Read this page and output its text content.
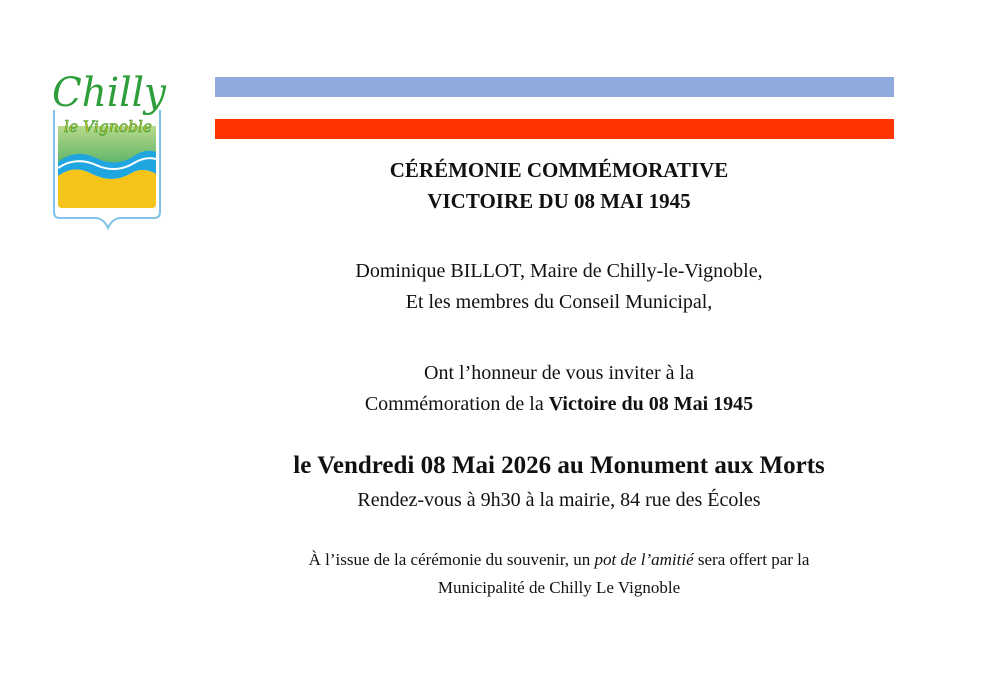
Chilly
le Vignoble
CÉRÉMONIE COMMÉMORATIVE
VICTOIRE DU 08 MAI 1945
Dominique BILLOT, Maire de Chilly-le-Vignoble,
Et les membres du Conseil Municipal,
Ont l’honneur de vous inviter à la
Commémoration de la Victoire du 08 Mai 1945
le Vendredi 08 Mai 2026 au Monument aux Morts
Rendez-vous à 9h30 à la mairie, 84 rue des Écoles
À l’issue de la cérémonie du souvenir, un pot de l’amitié sera offert par la
Municipalité de Chilly Le Vignoble
